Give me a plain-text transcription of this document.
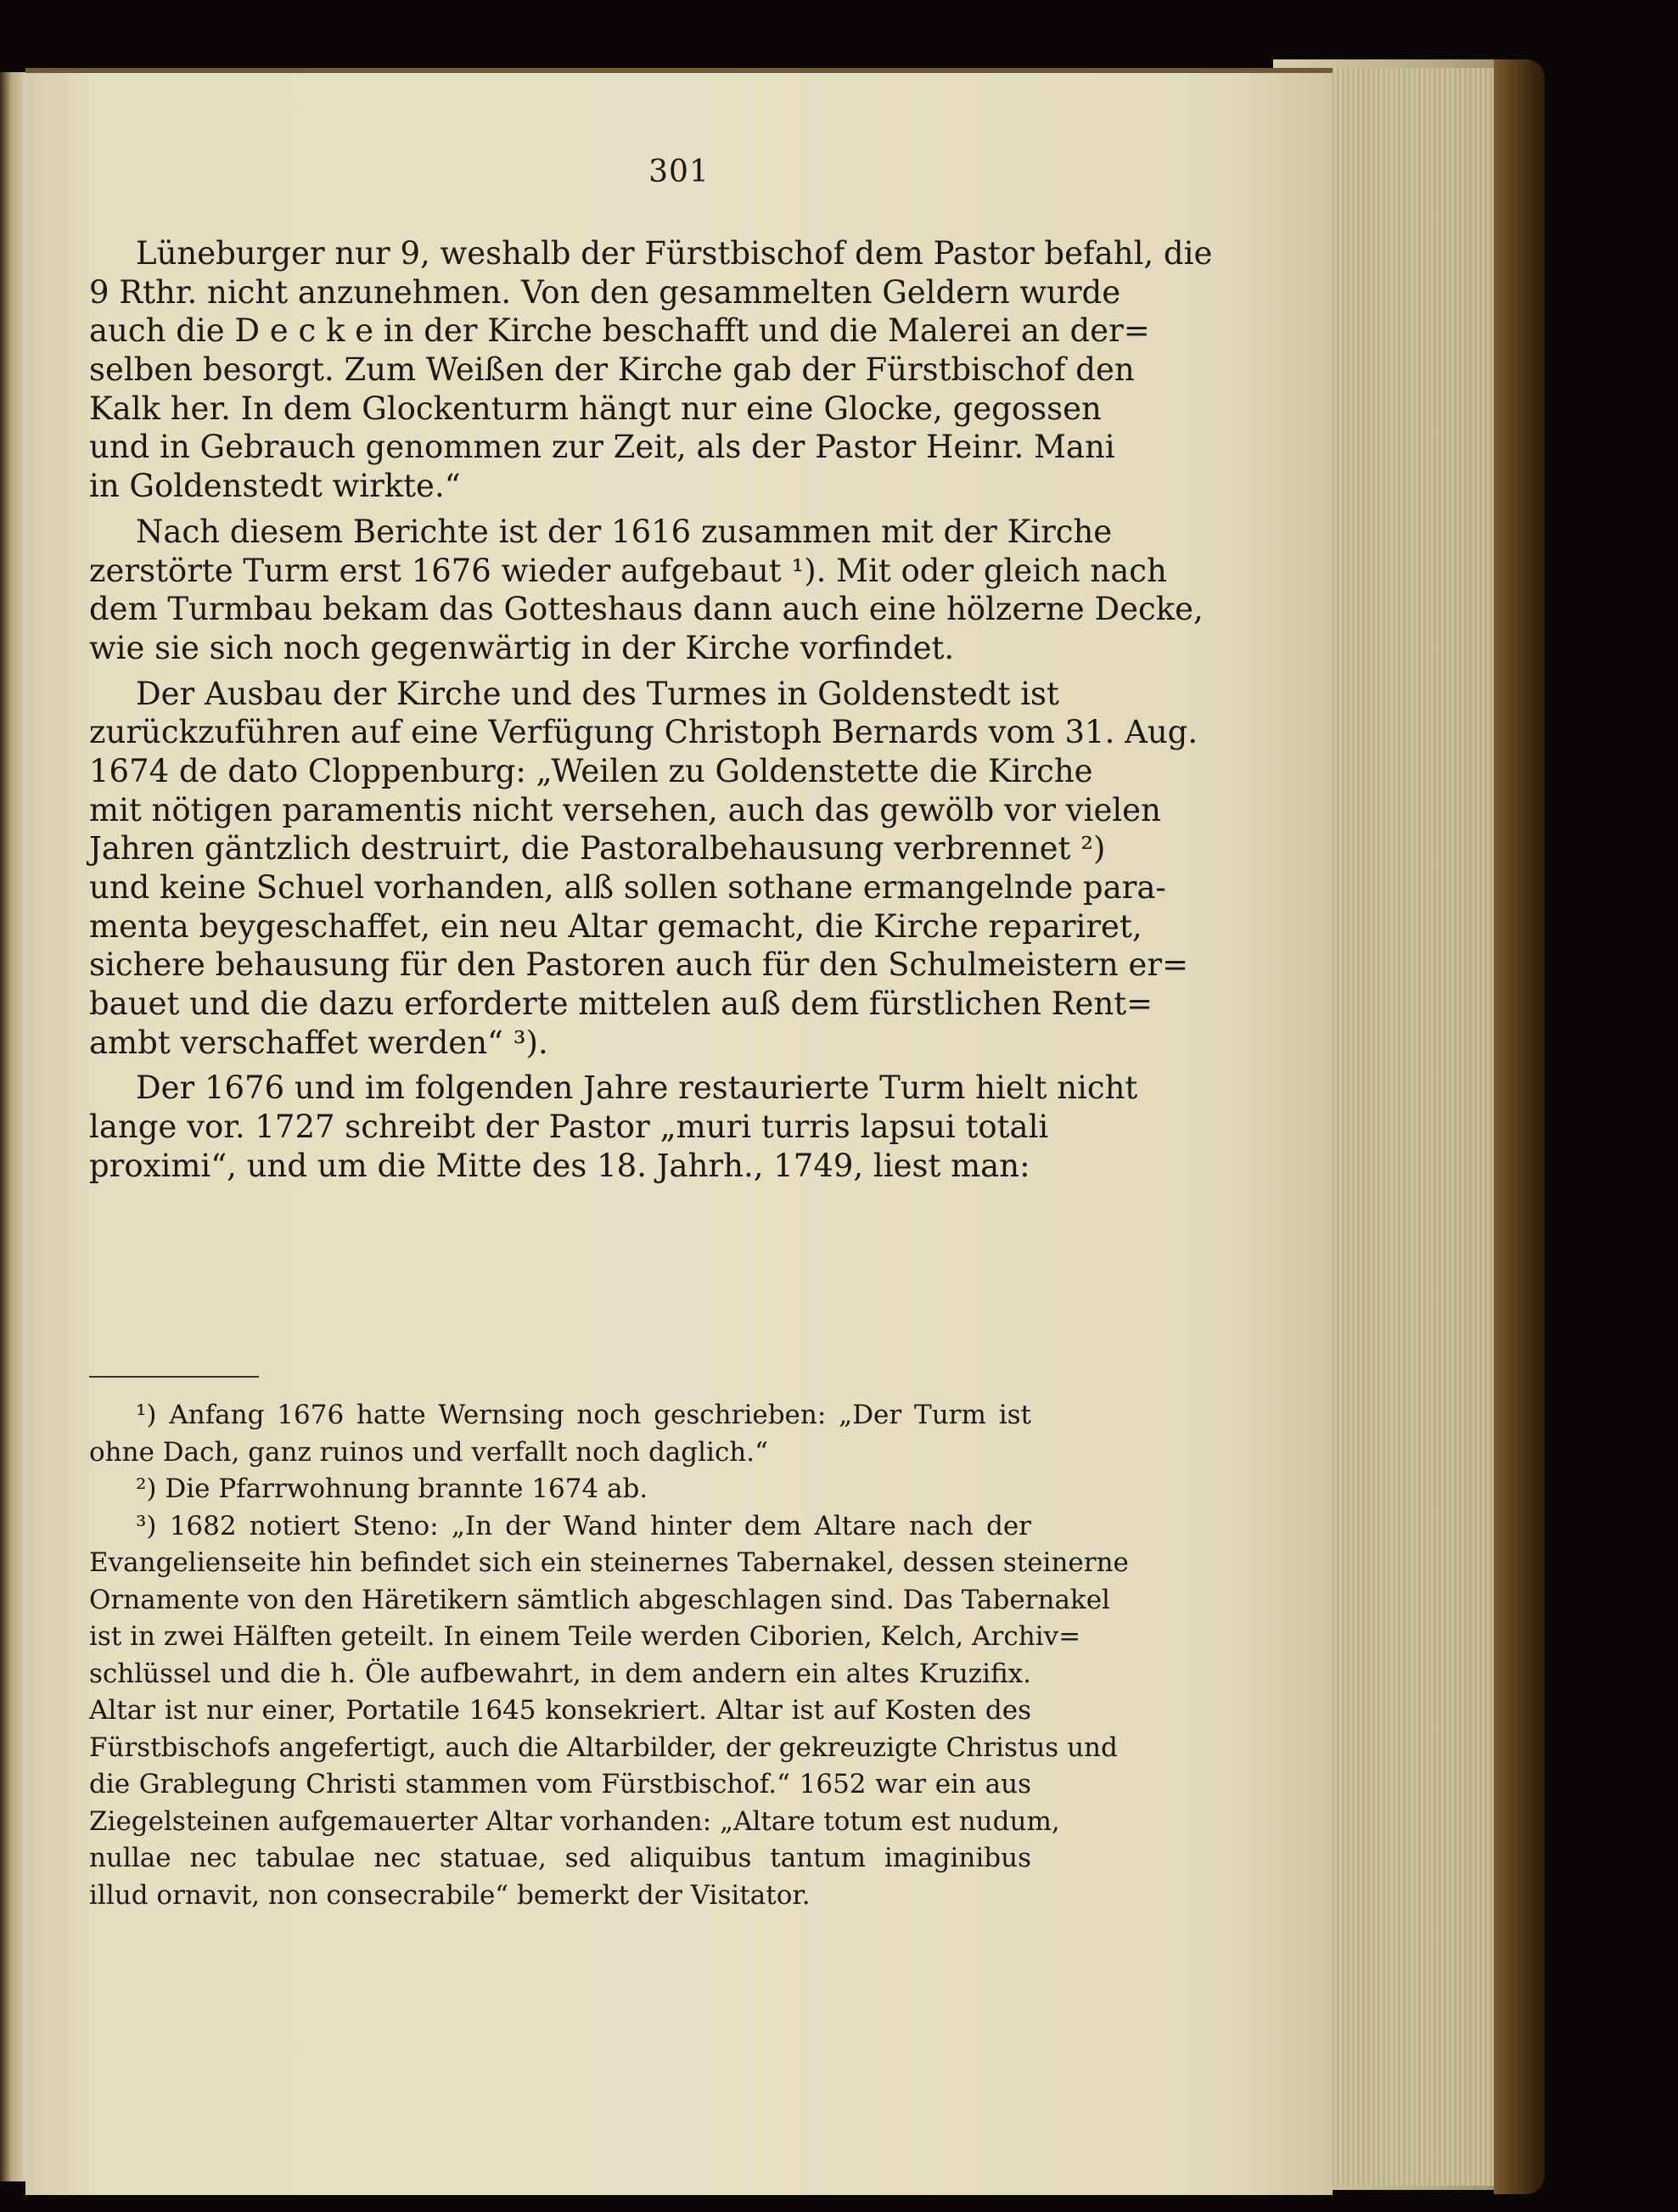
301
Lüneburger nur 9, weshalb der Fürstbischof dem Pastor befahl, die
9 Rthr. nicht anzunehmen. Von den gesammelten Geldern wurde
auch die D e c k e in der Kirche beschafft und die Malerei an der=
selben besorgt. Zum Weißen der Kirche gab der Fürstbischof den
Kalk her. In dem Glockenturm hängt nur eine Glocke, gegossen
und in Gebrauch genommen zur Zeit, als der Pastor Heinr. Mani
in Goldenstedt wirkte.“
Nach diesem Berichte ist der 1616 zusammen mit der Kirche
zerstörte Turm erst 1676 wieder aufgebaut ¹). Mit oder gleich nach
dem Turmbau bekam das Gotteshaus dann auch eine hölzerne Decke,
wie sie sich noch gegenwärtig in der Kirche vorfindet.
Der Ausbau der Kirche und des Turmes in Goldenstedt ist
zurückzuführen auf eine Verfügung Christoph Bernards vom 31. Aug.
1674 de dato Cloppenburg: „Weilen zu Goldenstette die Kirche
mit nötigen paramentis nicht versehen, auch das gewölb vor vielen
Jahren gäntzlich destruirt, die Pastoralbehausung verbrennet ²)
und keine Schuel vorhanden, alß sollen sothane ermangelnde para-
menta beygeschaffet, ein neu Altar gemacht, die Kirche repariret,
sichere behausung für den Pastoren auch für den Schulmeistern er=
bauet und die dazu erforderte mittelen auß dem fürstlichen Rent=
ambt verschaffet werden“ ³).
Der 1676 und im folgenden Jahre restaurierte Turm hielt nicht
lange vor. 1727 schreibt der Pastor „muri turris lapsui totali
proximi“, und um die Mitte des 18. Jahrh., 1749, liest man:
¹) Anfang 1676 hatte Wernsing noch geschrieben: „Der Turm ist
ohne Dach, ganz ruinos und verfallt noch daglich.“
²) Die Pfarrwohnung brannte 1674 ab.
³) 1682 notiert Steno: „In der Wand hinter dem Altare nach der
Evangelienseite hin befindet sich ein steinernes Tabernakel, dessen steinerne
Ornamente von den Häretikern sämtlich abgeschlagen sind. Das Tabernakel
ist in zwei Hälften geteilt. In einem Teile werden Ciborien, Kelch, Archiv=
schlüssel und die h. Öle aufbewahrt, in dem andern ein altes Kruzifix.
Altar ist nur einer, Portatile 1645 konsekriert. Altar ist auf Kosten des
Fürstbischofs angefertigt, auch die Altarbilder, der gekreuzigte Christus und
die Grablegung Christi stammen vom Fürstbischof.“ 1652 war ein aus
Ziegelsteinen aufgemauerter Altar vorhanden: „Altare totum est nudum,
nullae nec tabulae nec statuae, sed aliquibus tantum imaginibus
illud ornavit, non consecrabile“ bemerkt der Visitator.
